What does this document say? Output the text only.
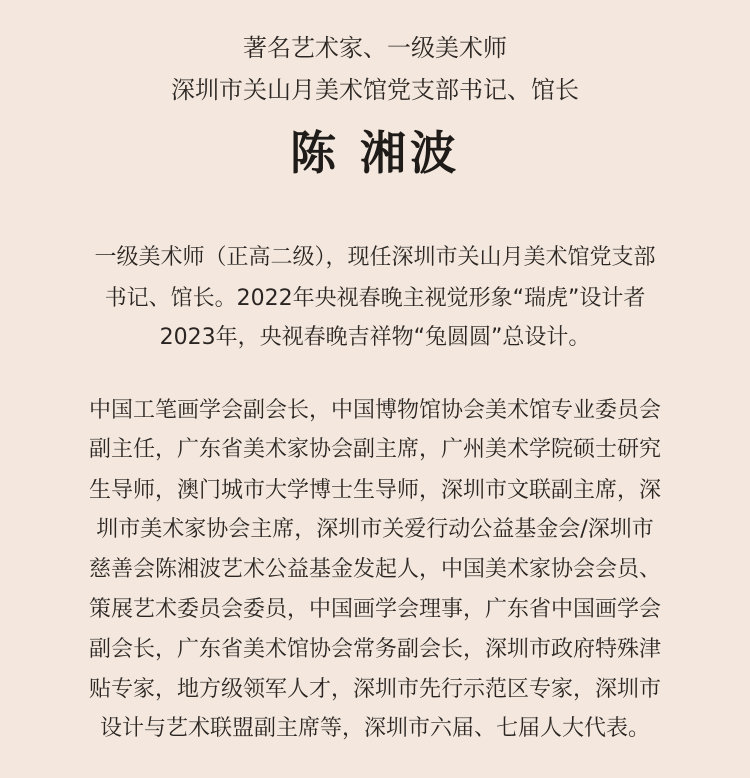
著名艺术家、一级美术师
深圳市关山月美术馆党支部书记、馆长
陈 湘波
一级美术师（正高二级），现任深圳市关山月美术馆党支部
书记、馆长。2022年央视春晚主视觉形象“瑞虎”设计者
2023年，央视春晚吉祥物“兔圆圆”总设计。
中国工笔画学会副会长，中国博物馆协会美术馆专业委员会
副主任，广东省美术家协会副主席，广州美术学院硕士研究
生导师，澳门城市大学博士生导师，深圳市文联副主席，深
圳市美术家协会主席，深圳市关爱行动公益基金会/深圳市
慈善会陈湘波艺术公益基金发起人，中国美术家协会会员、
策展艺术委员会委员，中国画学会理事，广东省中国画学会
副会长，广东省美术馆协会常务副会长，深圳市政府特殊津
贴专家，地方级领军人才，深圳市先行示范区专家，深圳市
设计与艺术联盟副主席等，深圳市六届、七届人大代表。
